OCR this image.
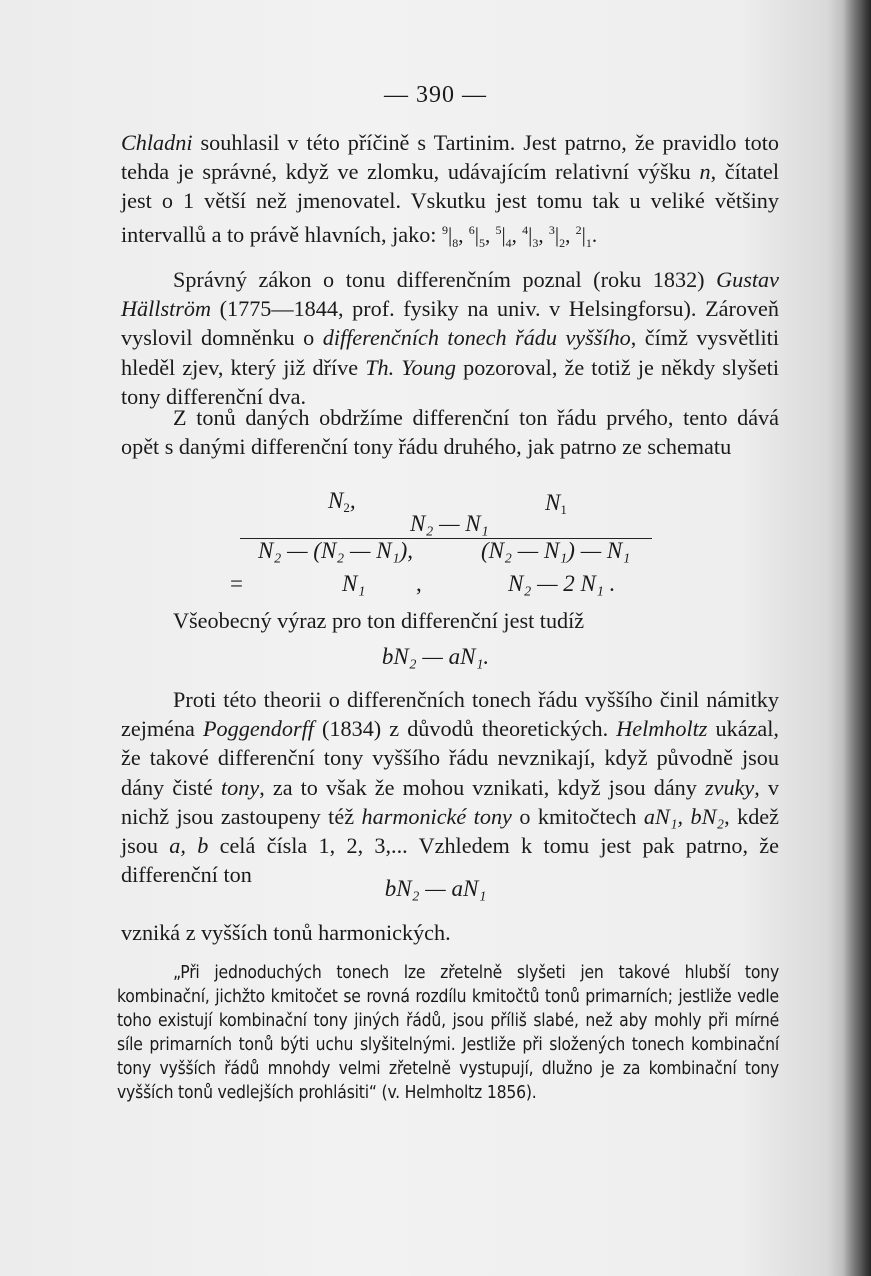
— 390 —

Chladni souhlasil v této příčině s Tartinim. Jest patrno, že pravidlo toto tehda je správné, když ve zlomku, udávajícím relativní výšku n, čítatel jest o 1 větší než jmenovatel. Vskutku jest tomu tak u veliké většiny intervallů a to právě hlavních, jako: $^9|_8$, $^6|_5$, $^5|_4$, $^4|_3$, $^3|_2$, $^2|_1$.

Správný zákon o tonu differenčním poznal (roku 1832) Gustav Hällström (1775—1844, prof. fysiky na univ. v Helsingforsu). Zároveň vyslovil domněnku o differenčních tonech řádu vyššího, čímž vysvětliti hleděl zjev, který již dříve Th. Young pozoroval, že totiž je někdy slyšeti tony differenční dva.

Z tonů daných obdržíme differenční ton řádu prvého, tento dává opět s danými differenční tony řádu druhého, jak patrno ze schematu

$N_2$,	$N_1$
N₂ — N₁
N₂ — (N₂ — N₁),	(N₂ — N₁) — N₁
=	N₁ ,	N₂ — 2 N₁ .

Všeobecný výraz pro ton differenční jest tudíž

bN₂ — aN₁.

Proti této theorii o differenčních tonech řádu vyššího činil námitky zejména Poggendorff (1834) z důvodů theoretických. Helmholtz ukázal, že takové differenční tony vyššího řádu nevznikají, když původně jsou dány čisté tony, za to však že mohou vznikati, když jsou dány zvuky, v nichž jsou zastoupeny též harmonické tony o kmitočtech aN₁, bN₂, kdež jsou a, b celá čísla 1, 2, 3,... Vzhledem k tomu jest pak patrno, že differenční ton

bN₂ — aN₁

vzniká z vyšších tonů harmonických.

„Při jednoduchých tonech lze zřetelně slyšeti jen takové hlubší tony kombinační, jichžto kmitočet se rovná rozdílu kmitočtů tonů primarních; jestliže vedle toho existují kombinační tony jiných řádů, jsou příliš slabé, než aby mohly při mírné síle primarních tonů býti uchu slyšitelnými. Jestliže při složených tonech kombinační tony vyšších řádů mnohdy velmi zřetelně vystupují, dlužno je za kombinační tony vyšších tonů vedlejších prohlásiti“ (v. Helmholtz 1856).
